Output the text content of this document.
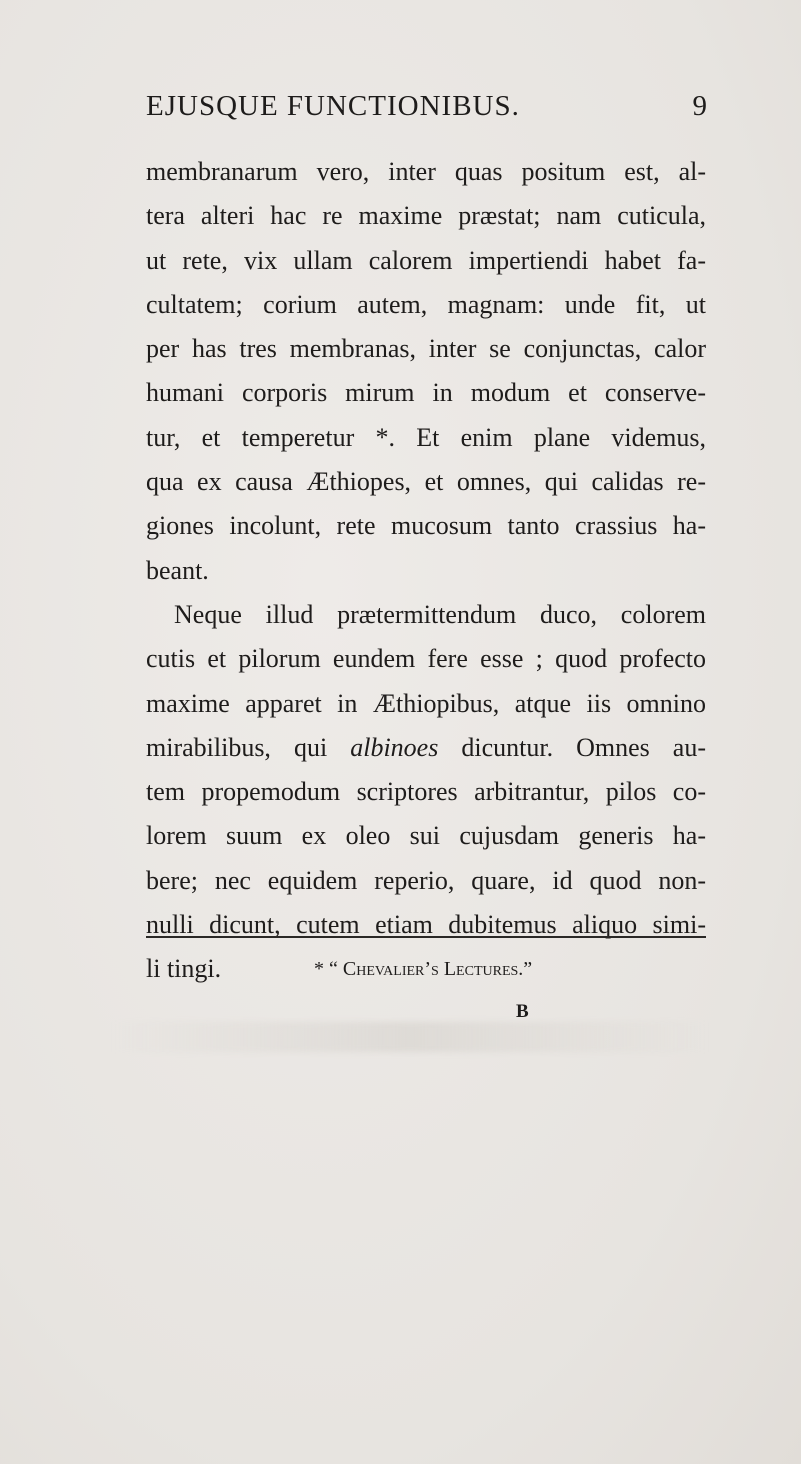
EJUSQUE FUNCTIONIBUS.	9
membranarum vero, inter quas positum est, al-
tera alteri hac re maxime præstat; nam cuticula,
ut rete, vix ullam calorem impertiendi habet fa-
cultatem; corium autem, magnam: unde fit, ut
per has tres membranas, inter se conjunctas, calor
humani corporis mirum in modum et conserve-
tur, et temperetur *. Et enim plane videmus,
qua ex causa Æthiopes, et omnes, qui calidas re-
giones incolunt, rete mucosum tanto crassius ha-
beant.
Neque illud prætermittendum duco, colorem
cutis et pilorum eundem fere esse ; quod profecto
maxime apparet in Æthiopibus, atque iis omnino
mirabilibus, qui albinoes dicuntur. Omnes au-
tem propemodum scriptores arbitrantur, pilos co-
lorem suum ex oleo sui cujusdam generis ha-
bere; nec equidem reperio, quare, id quod non-
nulli dicunt, cutem etiam dubitemus aliquo simi-
li tingi.	* “ Chevalier’s Lectures.”
B
